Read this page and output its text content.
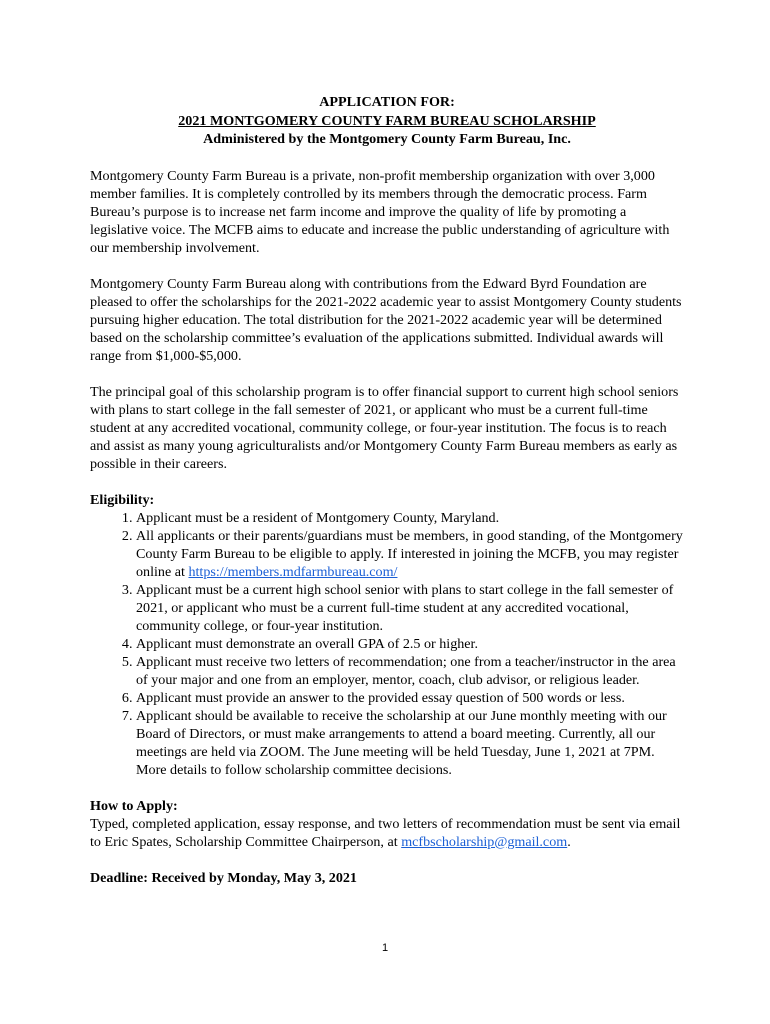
APPLICATION FOR:
2021 MONTGOMERY COUNTY FARM BUREAU SCHOLARSHIP
Administered by the Montgomery County Farm Bureau, Inc.

Montgomery County Farm Bureau is a private, non-profit membership organization with over 3,000 member families. It is completely controlled by its members through the democratic process. Farm Bureau’s purpose is to increase net farm income and improve the quality of life by promoting a legislative voice. The MCFB aims to educate and increase the public understanding of agriculture with our membership involvement.

Montgomery County Farm Bureau along with contributions from the Edward Byrd Foundation are pleased to offer the scholarships for the 2021-2022 academic year to assist Montgomery County students pursuing higher education. The total distribution for the 2021-2022 academic year will be determined based on the scholarship committee’s evaluation of the applications submitted. Individual awards will range from $1,000-$5,000.

The principal goal of this scholarship program is to offer financial support to current high school seniors with plans to start college in the fall semester of 2021, or applicant who must be a current full-time student at any accredited vocational, community college, or four-year institution. The focus is to reach and assist as many young agriculturalists and/or Montgomery County Farm Bureau members as early as possible in their careers.

Eligibility:
1. Applicant must be a resident of Montgomery County, Maryland.
2. All applicants or their parents/guardians must be members, in good standing, of the Montgomery County Farm Bureau to be eligible to apply. If interested in joining the MCFB, you may register online at https://members.mdfarmbureau.com/
3. Applicant must be a current high school senior with plans to start college in the fall semester of 2021, or applicant who must be a current full-time student at any accredited vocational, community college, or four-year institution.
4. Applicant must demonstrate an overall GPA of 2.5 or higher.
5. Applicant must receive two letters of recommendation; one from a teacher/instructor in the area of your major and one from an employer, mentor, coach, club advisor, or religious leader.
6. Applicant must provide an answer to the provided essay question of 500 words or less.
7. Applicant should be available to receive the scholarship at our June monthly meeting with our Board of Directors, or must make arrangements to attend a board meeting. Currently, all our meetings are held via ZOOM. The June meeting will be held Tuesday, June 1, 2021 at 7PM. More details to follow scholarship committee decisions.
How to Apply:

Typed, completed application, essay response, and two letters of recommendation must be sent via email to Eric Spates, Scholarship Committee Chairperson, at mcfbscholarship@gmail.com.

Deadline: Received by Monday, May 3, 2021
1
